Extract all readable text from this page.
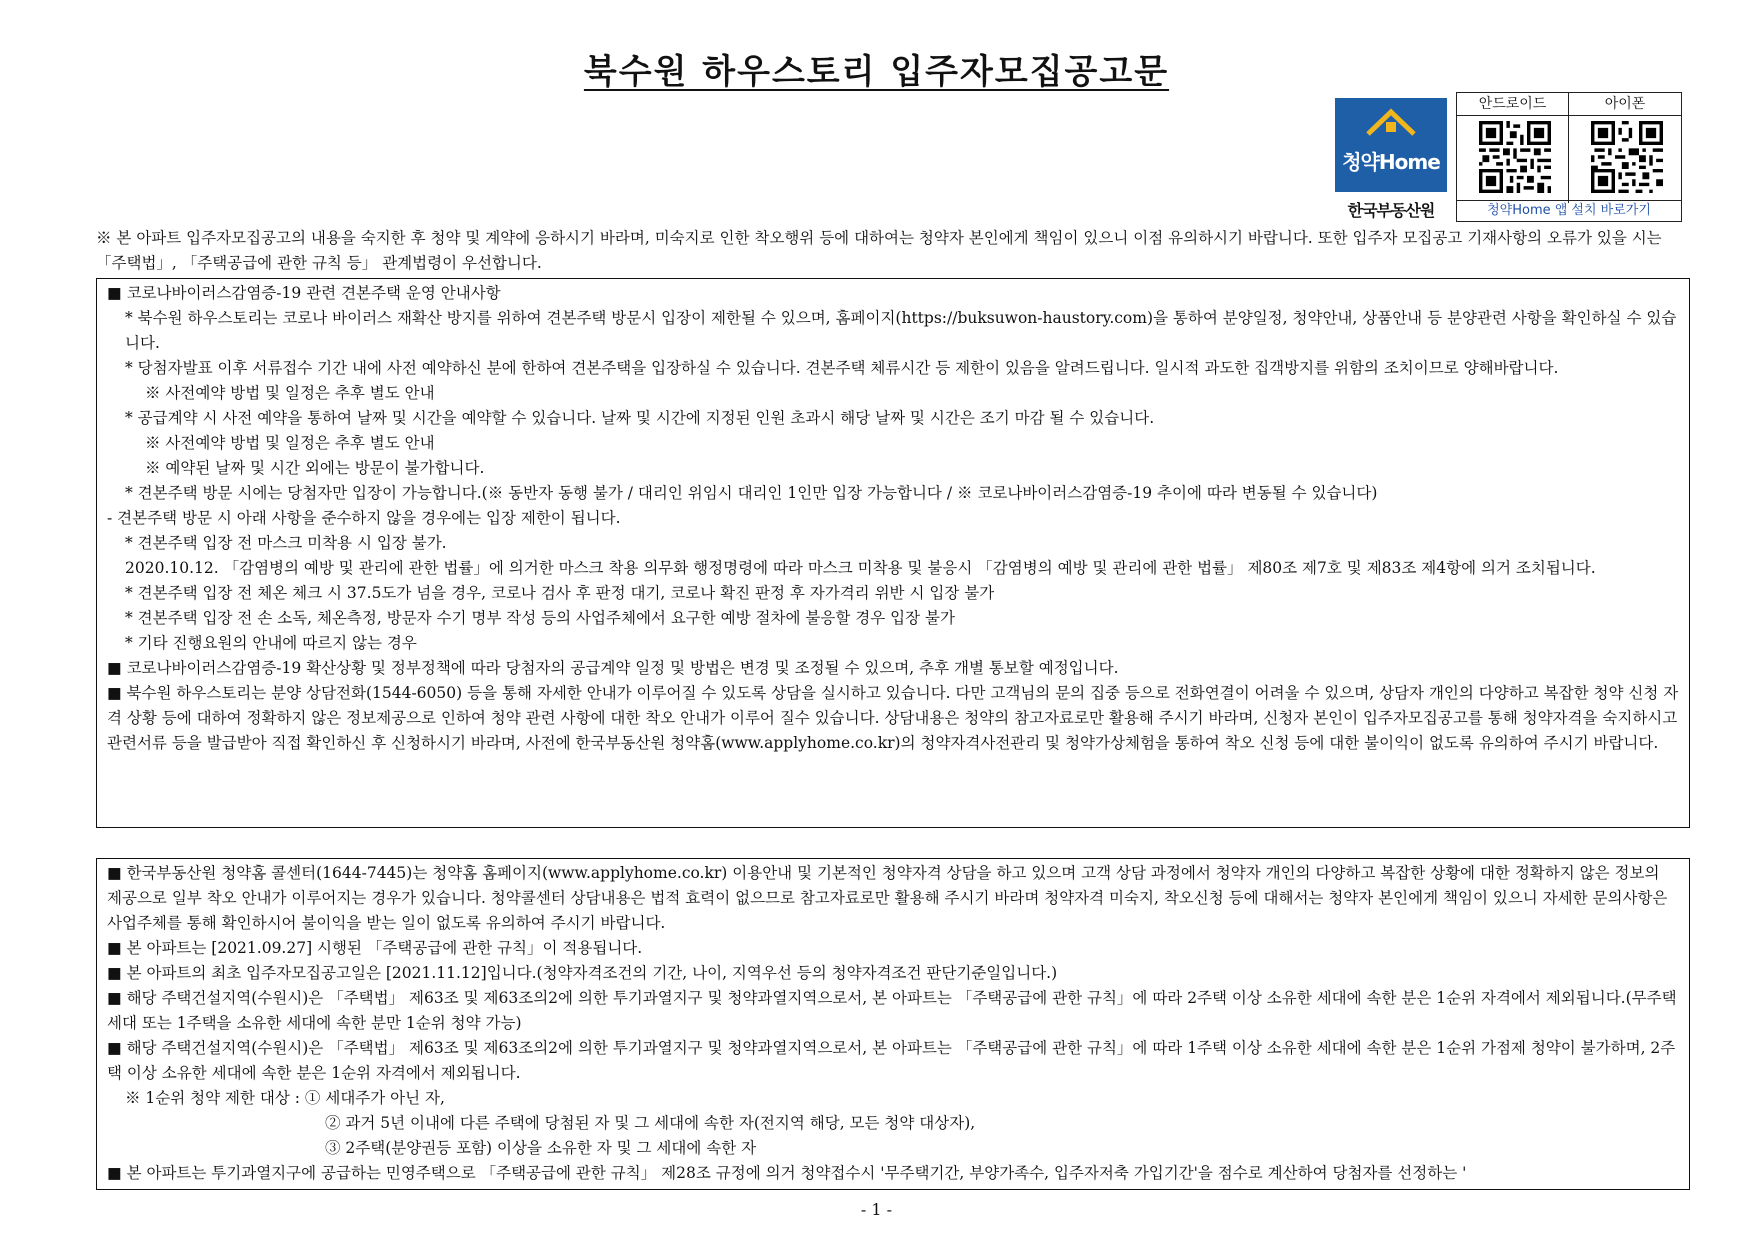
북수원 하우스토리 입주자모집공고문
청약Home
한국부동산원
안드로이드	아이폰
청약Home 앱 설치 바로가기
※ 본 아파트 입주자모집공고의 내용을 숙지한 후 청약 및 계약에 응하시기 바라며, 미숙지로 인한 착오행위 등에 대하여는 청약자 본인에게 책임이 있으니 이점 유의하시기 바랍니다. 또한 입주자 모집공고 기재사항의 오류가 있을 시는 「주택법」, 「주택공급에 관한 규칙 등」 관계법령이 우선합니다.
■ 코로나바이러스감염증-19 관련 견본주택 운영 안내사항
* 북수원 하우스토리는 코로나 바이러스 재확산 방지를 위하여 견본주택 방문시 입장이 제한될 수 있으며, 홈페이지(https://buksuwon-haustory.com)을 통하여 분양일정, 청약안내, 상품안내 등 분양관련 사항을 확인하실 수 있습니다.
* 당첨자발표 이후 서류접수 기간 내에 사전 예약하신 분에 한하여 견본주택을 입장하실 수 있습니다. 견본주택 체류시간 등 제한이 있음을 알려드립니다. 일시적 과도한 집객방지를 위함의 조치이므로 양해바랍니다.
※ 사전예약 방법 및 일정은 추후 별도 안내
* 공급계약 시 사전 예약을 통하여 날짜 및 시간을 예약할 수 있습니다. 날짜 및 시간에 지정된 인원 초과시 해당 날짜 및 시간은 조기 마감 될 수 있습니다.
※ 사전예약 방법 및 일정은 추후 별도 안내
※ 예약된 날짜 및 시간 외에는 방문이 불가합니다.
* 견본주택 방문 시에는 당첨자만 입장이 가능합니다.(※ 동반자 동행 불가 / 대리인 위임시 대리인 1인만 입장 가능합니다 / ※ 코로나바이러스감염증-19 추이에 따라 변동될 수 있습니다)
- 견본주택 방문 시 아래 사항을 준수하지 않을 경우에는 입장 제한이 됩니다.
* 견본주택 입장 전 마스크 미착용 시 입장 불가.
2020.10.12. 「감염병의 예방 및 관리에 관한 법률」에 의거한 마스크 착용 의무화 행정명령에 따라 마스크 미착용 및 불응시 「감염병의 예방 및 관리에 관한 법률」 제80조 제7호 및 제83조 제4항에 의거 조치됩니다.
* 견본주택 입장 전 체온 체크 시 37.5도가 넘을 경우, 코로나 검사 후 판정 대기, 코로나 확진 판정 후 자가격리 위반 시 입장 불가
* 견본주택 입장 전 손 소독, 체온측정, 방문자 수기 명부 작성 등의 사업주체에서 요구한 예방 절차에 불응할 경우 입장 불가
* 기타 진행요원의 안내에 따르지 않는 경우
■ 코로나바이러스감염증-19 확산상황 및 정부정책에 따라 당첨자의 공급계약 일정 및 방법은 변경 및 조정될 수 있으며, 추후 개별 통보할 예정입니다.
■ 북수원 하우스토리는 분양 상담전화(1544-6050) 등을 통해 자세한 안내가 이루어질 수 있도록 상담을 실시하고 있습니다. 다만 고객님의 문의 집중 등으로 전화연결이 어려울 수 있으며, 상담자 개인의 다양하고 복잡한 청약 신청 자격 상황 등에 대하여 정확하지 않은 정보제공으로 인하여 청약 관련 사항에 대한 착오 안내가 이루어 질수 있습니다. 상담내용은 청약의 참고자료로만 활용해 주시기 바라며, 신청자 본인이 입주자모집공고를 통해 청약자격을 숙지하시고 관련서류 등을 발급받아 직접 확인하신 후 신청하시기 바라며, 사전에 한국부동산원 청약홈(www.applyhome.co.kr)의 청약자격사전관리 및 청약가상체험을 통하여 착오 신청 등에 대한 불이익이 없도록 유의하여 주시기 바랍니다.
■ 한국부동산원 청약홈 콜센터(1644-7445)는 청약홈 홈페이지(www.applyhome.co.kr) 이용안내 및 기본적인 청약자격 상담을 하고 있으며 고객 상담 과정에서 청약자 개인의 다양하고 복잡한 상황에 대한 정확하지 않은 정보의 제공으로 일부 착오 안내가 이루어지는 경우가 있습니다. 청약콜센터 상담내용은 법적 효력이 없으므로 참고자료로만 활용해 주시기 바라며 청약자격 미숙지, 착오신청 등에 대해서는 청약자 본인에게 책임이 있으니 자세한 문의사항은 사업주체를 통해 확인하시어 불이익을 받는 일이 없도록 유의하여 주시기 바랍니다.
■ 본 아파트는 [2021.09.27] 시행된 「주택공급에 관한 규칙」이 적용됩니다.
■ 본 아파트의 최초 입주자모집공고일은 [2021.11.12]입니다.(청약자격조건의 기간, 나이, 지역우선 등의 청약자격조건 판단기준일입니다.)
■ 해당 주택건설지역(수원시)은 「주택법」 제63조 및 제63조의2에 의한 투기과열지구 및 청약과열지역으로서, 본 아파트는 「주택공급에 관한 규칙」에 따라 2주택 이상 소유한 세대에 속한 분은 1순위 자격에서 제외됩니다.(무주택 세대 또는 1주택을 소유한 세대에 속한 분만 1순위 청약 가능)
■ 해당 주택건설지역(수원시)은 「주택법」 제63조 및 제63조의2에 의한 투기과열지구 및 청약과열지역으로서, 본 아파트는 「주택공급에 관한 규칙」에 따라 1주택 이상 소유한 세대에 속한 분은 1순위 가점제 청약이 불가하며, 2주택 이상 소유한 세대에 속한 분은 1순위 자격에서 제외됩니다.
※ 1순위 청약 제한 대상 : ① 세대주가 아닌 자,
② 과거 5년 이내에 다른 주택에 당첨된 자 및 그 세대에 속한 자(전지역 해당, 모든 청약 대상자),
③ 2주택(분양권등 포함) 이상을 소유한 자 및 그 세대에 속한 자
■ 본 아파트는 투기과열지구에 공급하는 민영주택으로 「주택공급에 관한 규칙」 제28조 규정에 의거 청약접수시 '무주택기간, 부양가족수, 입주자저축 가입기간'을 점수로 계산하여 당첨자를 선정하는 '
- 1 -
